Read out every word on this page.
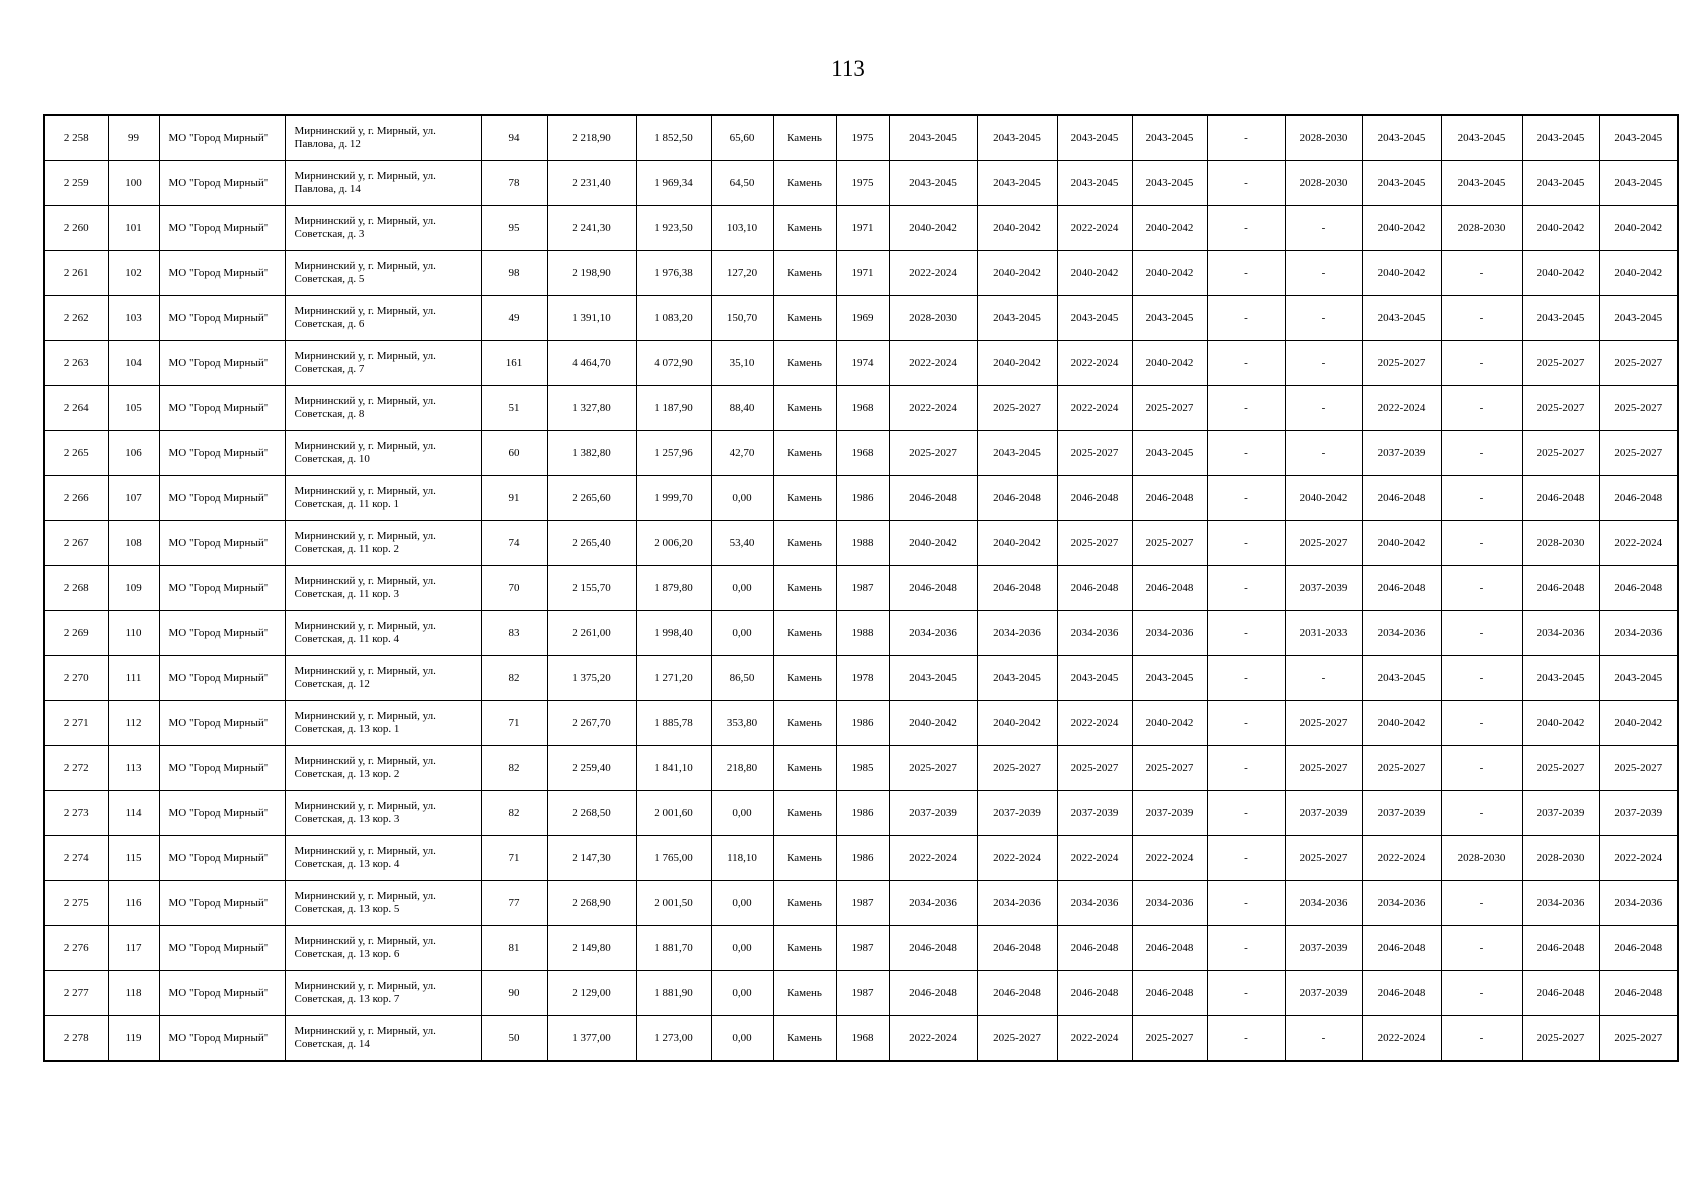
113
2 258	99	МО "Город Мирный"	Мирнинский у, г. Мирный, ул. Павлова, д. 12	94	2 218,90	1 852,50	65,60	Камень	1975	2043-2045	2043-2045	2043-2045	2043-2045	-	2028-2030	2043-2045	2043-2045	2043-2045	2043-2045
2 259	100	МО "Город Мирный"	Мирнинский у, г. Мирный, ул. Павлова, д. 14	78	2 231,40	1 969,34	64,50	Камень	1975	2043-2045	2043-2045	2043-2045	2043-2045	-	2028-2030	2043-2045	2043-2045	2043-2045	2043-2045
2 260	101	МО "Город Мирный"	Мирнинский у, г. Мирный, ул. Советская, д. 3	95	2 241,30	1 923,50	103,10	Камень	1971	2040-2042	2040-2042	2022-2024	2040-2042	-	-	2040-2042	2028-2030	2040-2042	2040-2042
2 261	102	МО "Город Мирный"	Мирнинский у, г. Мирный, ул. Советская, д. 5	98	2 198,90	1 976,38	127,20	Камень	1971	2022-2024	2040-2042	2040-2042	2040-2042	-	-	2040-2042	-	2040-2042	2040-2042
2 262	103	МО "Город Мирный"	Мирнинский у, г. Мирный, ул. Советская, д. 6	49	1 391,10	1 083,20	150,70	Камень	1969	2028-2030	2043-2045	2043-2045	2043-2045	-	-	2043-2045	-	2043-2045	2043-2045
2 263	104	МО "Город Мирный"	Мирнинский у, г. Мирный, ул. Советская, д. 7	161	4 464,70	4 072,90	35,10	Камень	1974	2022-2024	2040-2042	2022-2024	2040-2042	-	-	2025-2027	-	2025-2027	2025-2027
2 264	105	МО "Город Мирный"	Мирнинский у, г. Мирный, ул. Советская, д. 8	51	1 327,80	1 187,90	88,40	Камень	1968	2022-2024	2025-2027	2022-2024	2025-2027	-	-	2022-2024	-	2025-2027	2025-2027
2 265	106	МО "Город Мирный"	Мирнинский у, г. Мирный, ул. Советская, д. 10	60	1 382,80	1 257,96	42,70	Камень	1968	2025-2027	2043-2045	2025-2027	2043-2045	-	-	2037-2039	-	2025-2027	2025-2027
2 266	107	МО "Город Мирный"	Мирнинский у, г. Мирный, ул. Советская, д. 11 кор. 1	91	2 265,60	1 999,70	0,00	Камень	1986	2046-2048	2046-2048	2046-2048	2046-2048	-	2040-2042	2046-2048	-	2046-2048	2046-2048
2 267	108	МО "Город Мирный"	Мирнинский у, г. Мирный, ул. Советская, д. 11 кор. 2	74	2 265,40	2 006,20	53,40	Камень	1988	2040-2042	2040-2042	2025-2027	2025-2027	-	2025-2027	2040-2042	-	2028-2030	2022-2024
2 268	109	МО "Город Мирный"	Мирнинский у, г. Мирный, ул. Советская, д. 11 кор. 3	70	2 155,70	1 879,80	0,00	Камень	1987	2046-2048	2046-2048	2046-2048	2046-2048	-	2037-2039	2046-2048	-	2046-2048	2046-2048
2 269	110	МО "Город Мирный"	Мирнинский у, г. Мирный, ул. Советская, д. 11 кор. 4	83	2 261,00	1 998,40	0,00	Камень	1988	2034-2036	2034-2036	2034-2036	2034-2036	-	2031-2033	2034-2036	-	2034-2036	2034-2036
2 270	111	МО "Город Мирный"	Мирнинский у, г. Мирный, ул. Советская, д. 12	82	1 375,20	1 271,20	86,50	Камень	1978	2043-2045	2043-2045	2043-2045	2043-2045	-	-	2043-2045	-	2043-2045	2043-2045
2 271	112	МО "Город Мирный"	Мирнинский у, г. Мирный, ул. Советская, д. 13 кор. 1	71	2 267,70	1 885,78	353,80	Камень	1986	2040-2042	2040-2042	2022-2024	2040-2042	-	2025-2027	2040-2042	-	2040-2042	2040-2042
2 272	113	МО "Город Мирный"	Мирнинский у, г. Мирный, ул. Советская, д. 13 кор. 2	82	2 259,40	1 841,10	218,80	Камень	1985	2025-2027	2025-2027	2025-2027	2025-2027	-	2025-2027	2025-2027	-	2025-2027	2025-2027
2 273	114	МО "Город Мирный"	Мирнинский у, г. Мирный, ул. Советская, д. 13 кор. 3	82	2 268,50	2 001,60	0,00	Камень	1986	2037-2039	2037-2039	2037-2039	2037-2039	-	2037-2039	2037-2039	-	2037-2039	2037-2039
2 274	115	МО "Город Мирный"	Мирнинский у, г. Мирный, ул. Советская, д. 13 кор. 4	71	2 147,30	1 765,00	118,10	Камень	1986	2022-2024	2022-2024	2022-2024	2022-2024	-	2025-2027	2022-2024	2028-2030	2028-2030	2022-2024
2 275	116	МО "Город Мирный"	Мирнинский у, г. Мирный, ул. Советская, д. 13 кор. 5	77	2 268,90	2 001,50	0,00	Камень	1987	2034-2036	2034-2036	2034-2036	2034-2036	-	2034-2036	2034-2036	-	2034-2036	2034-2036
2 276	117	МО "Город Мирный"	Мирнинский у, г. Мирный, ул. Советская, д. 13 кор. 6	81	2 149,80	1 881,70	0,00	Камень	1987	2046-2048	2046-2048	2046-2048	2046-2048	-	2037-2039	2046-2048	-	2046-2048	2046-2048
2 277	118	МО "Город Мирный"	Мирнинский у, г. Мирный, ул. Советская, д. 13 кор. 7	90	2 129,00	1 881,90	0,00	Камень	1987	2046-2048	2046-2048	2046-2048	2046-2048	-	2037-2039	2046-2048	-	2046-2048	2046-2048
2 278	119	МО "Город Мирный"	Мирнинский у, г. Мирный, ул. Советская, д. 14	50	1 377,00	1 273,00	0,00	Камень	1968	2022-2024	2025-2027	2022-2024	2025-2027	-	-	2022-2024	-	2025-2027	2025-2027
